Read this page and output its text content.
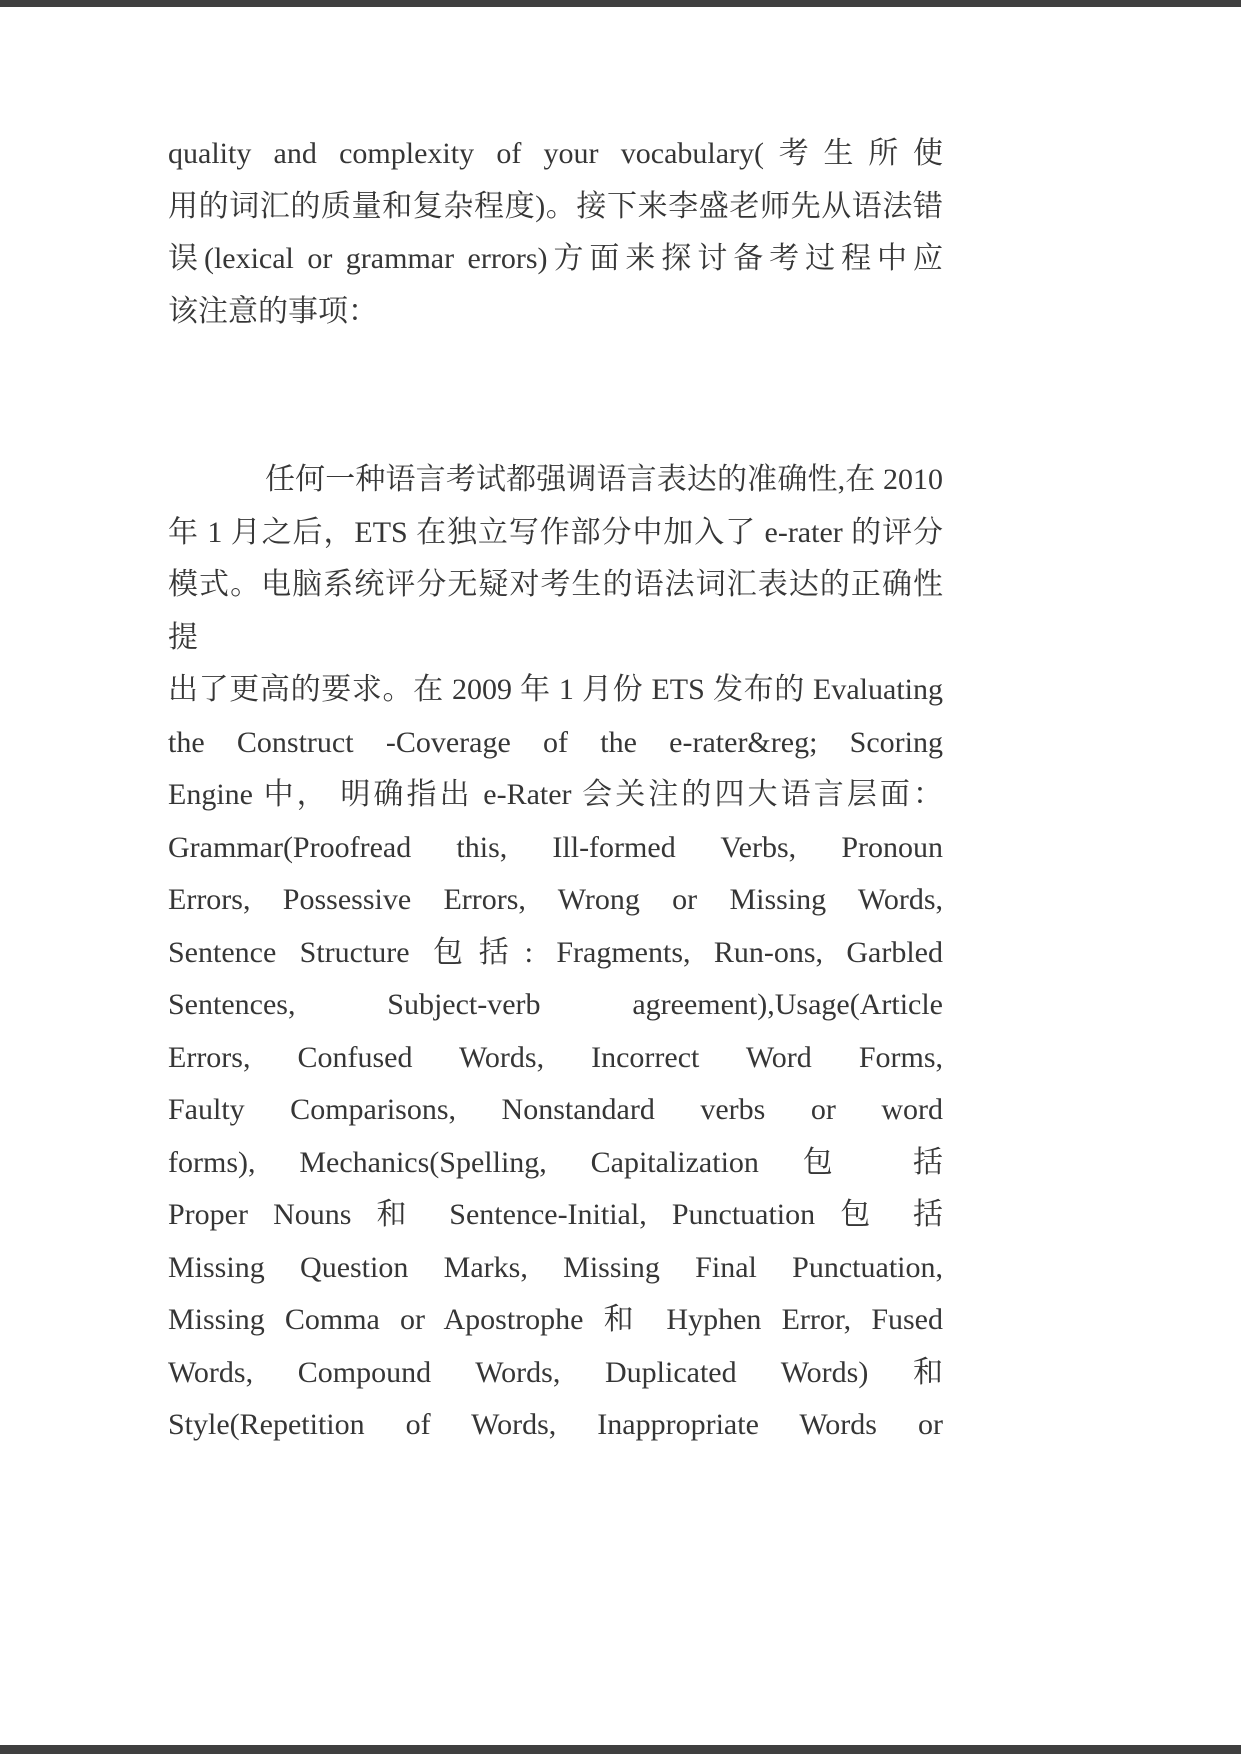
quality and complexity of your vocabulary(考生所使
用的词汇的质量和复杂程度)。接下来李盛老师先从语法错
误(lexical or grammar errors)方面来探讨备考过程中应
该注意的事项：
任何一种语言考试都强调语言表达的准确性,在 2010
年 1 月之后，ETS 在独立写作部分中加入了 e-rater 的评分
模式。电脑系统评分无疑对考生的语法词汇表达的正确性提
出了更高的要求。在 2009 年 1 月份 ETS 发布的 Evaluating
the Construct -Coverage of the e-rater&reg; Scoring
Engine 中， 明确指出 e-Rater 会关注的四大语言层面：
Grammar(Proofread this, Ill-formed Verbs, Pronoun
Errors, Possessive Errors, Wrong or Missing Words,
Sentence Structure 包括: Fragments, Run-ons, Garbled
Sentences, Subject-verb agreement),Usage(Article
Errors, Confused Words, Incorrect Word Forms,
Faulty Comparisons, Nonstandard verbs or word
forms), Mechanics(Spelling, Capitalization 包 括
Proper Nouns 和 Sentence-Initial, Punctuation 包 括
Missing Question Marks, Missing Final Punctuation,
Missing Comma or Apostrophe 和 Hyphen Error, Fused
Words, Compound Words, Duplicated Words) 和
Style(Repetition of Words, Inappropriate Words or
